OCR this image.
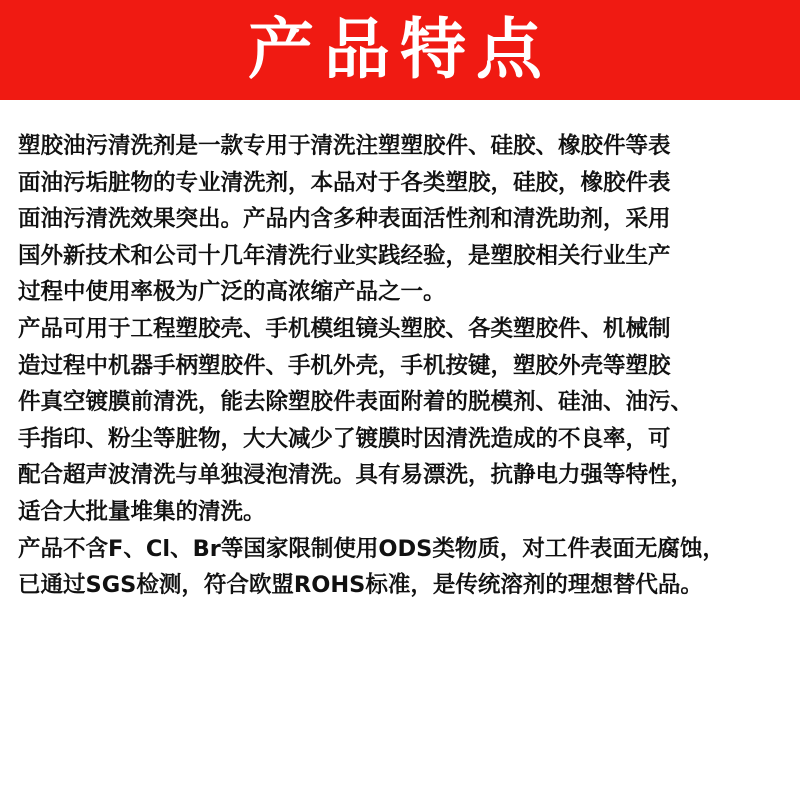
产品特点

塑胶油污清洗剂是一款专用于清洗注塑塑胶件、硅胶、橡胶件等表
面油污垢脏物的专业清洗剂，本品对于各类塑胶，硅胶，橡胶件表
面油污清洗效果突出。产品内含多种表面活性剂和清洗助剂，采用
国外新技术和公司十几年清洗行业实践经验，是塑胶相关行业生产
过程中使用率极为广泛的高浓缩产品之一。

产品可用于工程塑胶壳、手机模组镜头塑胶、各类塑胶件、机械制
造过程中机器手柄塑胶件、手机外壳，手机按键，塑胶外壳等塑胶
件真空镀膜前清洗，能去除塑胶件表面附着的脱模剂、硅油、油污、
手指印、粉尘等脏物，大大减少了镀膜时因清洗造成的不良率，可
配合超声波清洗与单独浸泡清洗。具有易漂洗，抗静电力强等特性，
适合大批量堆集的清洗。

产品不含F、Cl、Br等国家限制使用ODS类物质，对工件表面无腐蚀，
已通过SGS检测，符合欧盟ROHS标准，是传统溶剂的理想替代品。
